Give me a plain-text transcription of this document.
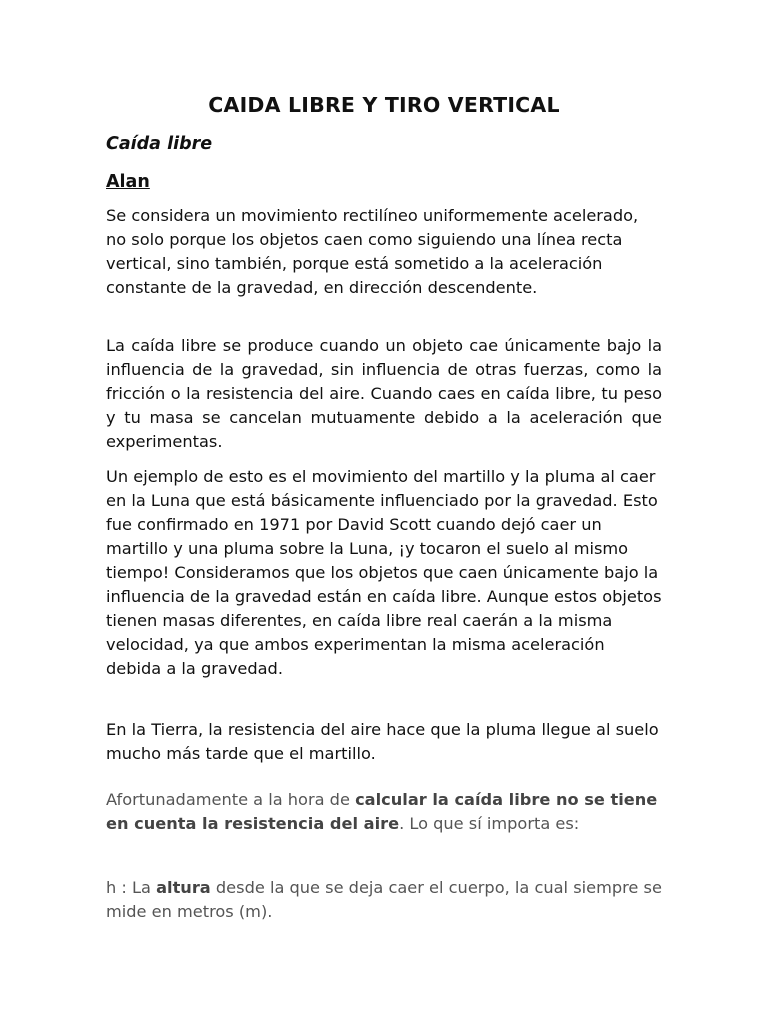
CAIDA LIBRE Y TIRO VERTICAL
Caída libre
Alan

Se considera un movimiento rectilíneo uniformemente acelerado, no solo porque los objetos caen como siguiendo una línea recta vertical, sino también, porque está sometido a la aceleración constante de la gravedad, en dirección descendente.

La caída libre se produce cuando un objeto cae únicamente bajo la influencia de la gravedad, sin influencia de otras fuerzas, como la fricción o la resistencia del aire. Cuando caes en caída libre, tu peso y tu masa se cancelan mutuamente debido a la aceleración que experimentas.

Un ejemplo de esto es el movimiento del martillo y la pluma al caer en la Luna que está básicamente influenciado por la gravedad. Esto fue confirmado en 1971 por David Scott cuando dejó caer un martillo y una pluma sobre la Luna, ¡y tocaron el suelo al mismo tiempo! Consideramos que los objetos que caen únicamente bajo la influencia de la gravedad están en caída libre. Aunque estos objetos tienen masas diferentes, en caída libre real caerán a la misma velocidad, ya que ambos experimentan la misma aceleración debida a la gravedad.

En la Tierra, la resistencia del aire hace que la pluma llegue al suelo mucho más tarde que el martillo.

Afortunadamente a la hora de calcular la caída libre no se tiene en cuenta la resistencia del aire. Lo que sí importa es:

h : La altura desde la que se deja caer el cuerpo, la cual siempre se mide en metros (m).
